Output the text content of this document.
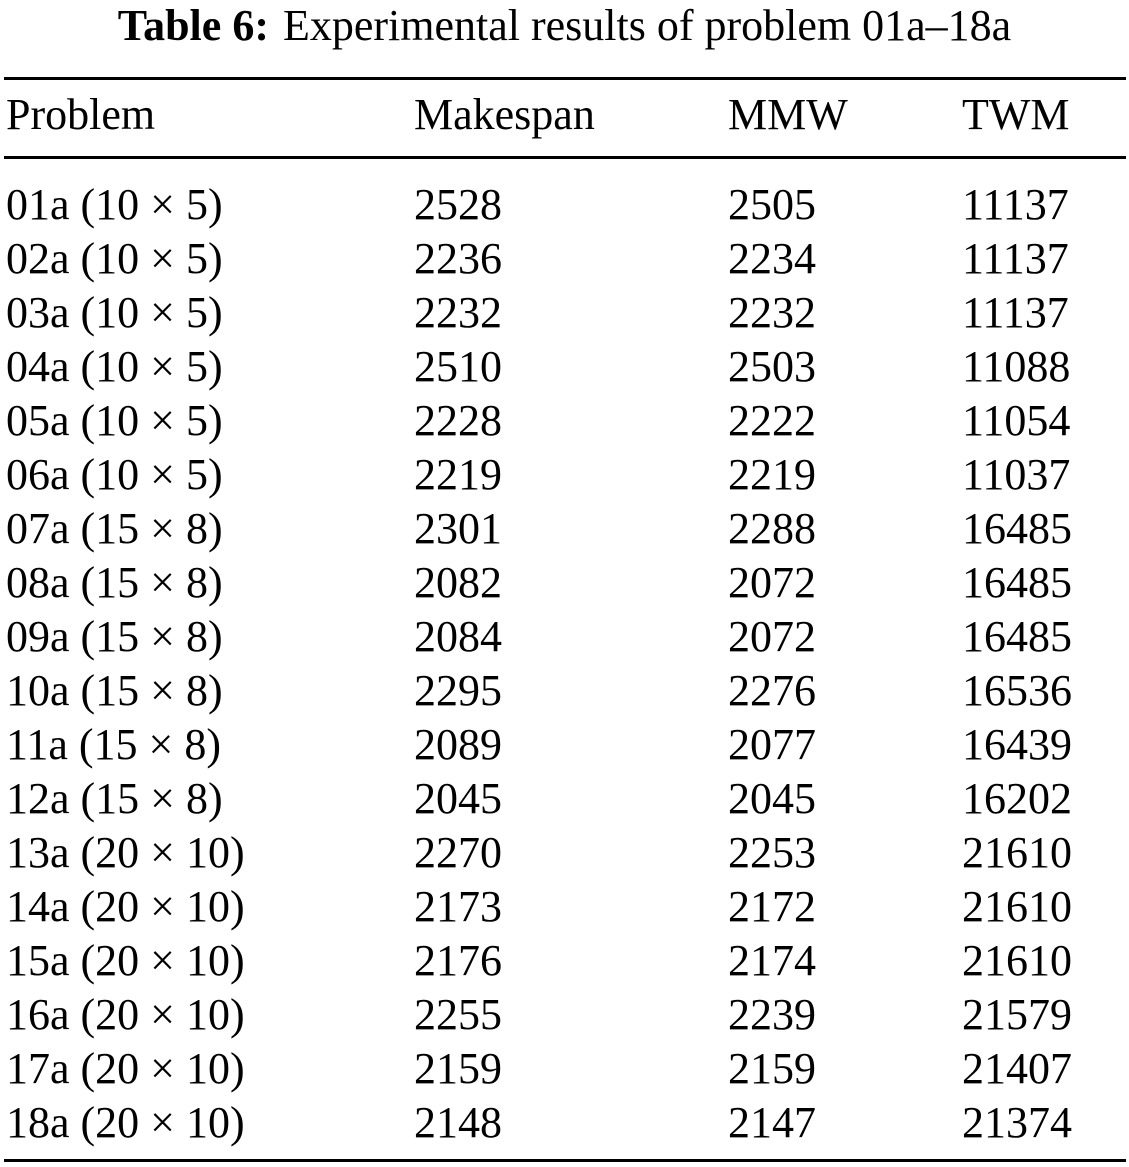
Table 6: Experimental results of problem 01a–18a
Problem	Makespan	MMW	TWM
01a (10 × 5)	2528	2505	11137
02a (10 × 5)	2236	2234	11137
03a (10 × 5)	2232	2232	11137
04a (10 × 5)	2510	2503	11088
05a (10 × 5)	2228	2222	11054
06a (10 × 5)	2219	2219	11037
07a (15 × 8)	2301	2288	16485
08a (15 × 8)	2082	2072	16485
09a (15 × 8)	2084	2072	16485
10a (15 × 8)	2295	2276	16536
11a (15 × 8)	2089	2077	16439
12a (15 × 8)	2045	2045	16202
13a (20 × 10)	2270	2253	21610
14a (20 × 10)	2173	2172	21610
15a (20 × 10)	2176	2174	21610
16a (20 × 10)	2255	2239	21579
17a (20 × 10)	2159	2159	21407
18a (20 × 10)	2148	2147	21374
